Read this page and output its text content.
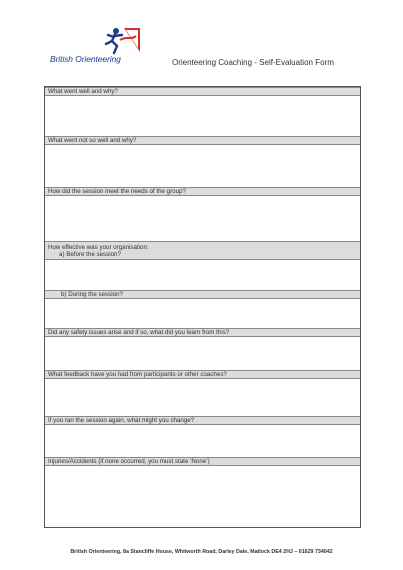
British Orienteering	Orienteering Coaching - Self-Evaluation Form
What went well and why?
What went not so well and why?
How did the session meet the needs of the group?
How effective was your organisation:
a) Before the session?
b) During the session?
Did any safety issues arise and if so, what did you learn from this?
What feedback have you had from participants or other coaches?
If you ran the session again, what might you change?
Injuries/Accidents (if none occurred, you must state ‘None’)
British Orienteering, 8a Stancliffe House, Whitworth Road, Darley Dale, Matlock DE4 2HJ – 01629 734042
